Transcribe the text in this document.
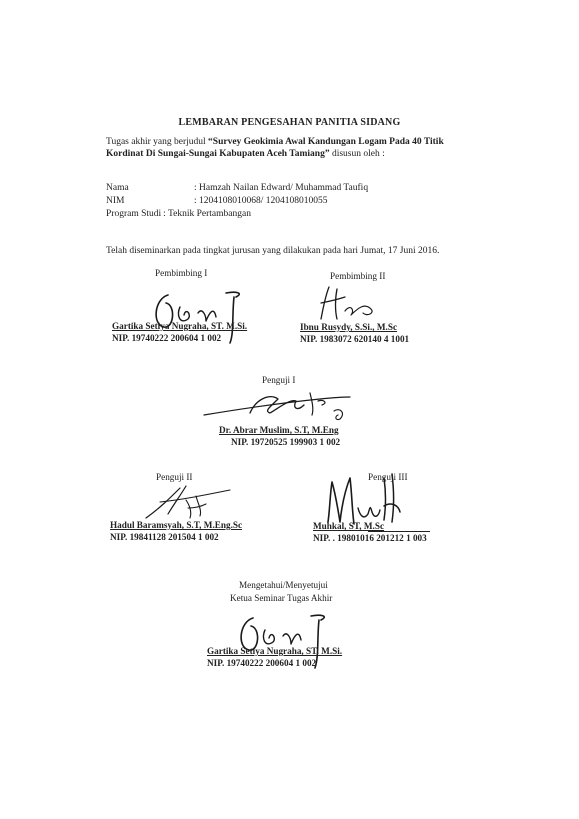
LEMBARAN PENGESAHAN PANITIA SIDANG
Tugas akhir yang berjudul “Survey Geokimia Awal Kandungan Logam Pada 40 Titik Kordinat Di Sungai-Sungai Kabupaten Aceh Tamiang” disusun oleh :
Nama	: Hamzah Nailan Edward/ Muhammad Taufiq
NIM	: 1204108010068/ 1204108010055
Program Studi : Teknik Pertambangan
Telah diseminarkan pada tingkat jurusan yang dilakukan pada hari Jumat, 17 Juni 2016.
Pembimbing I
Gartika Setiya Nugraha, ST. M.Si.
NIP. 19740222 200604 1 002
Pembimbing II
Ibnu Rusydy, S.Si., M.Sc
NIP. 1983072 620140 4 1001
Penguji I
Dr. Abrar Muslim, S.T, M.Eng
NIP. 19720525 199903 1 002
Penguji II
Hadul Baramsyah, S.T, M.Eng.Sc
NIP. 19841128 201504 1 002
Penguji III
Muhkal, ST, M.Sc
NIP. . 19801016 201212 1 003
Mengetahui/Menyetujui
Ketua Seminar Tugas Akhir
Gartika Setiya Nugraha, ST. M.Si.
NIP. 19740222 200604 1 002
